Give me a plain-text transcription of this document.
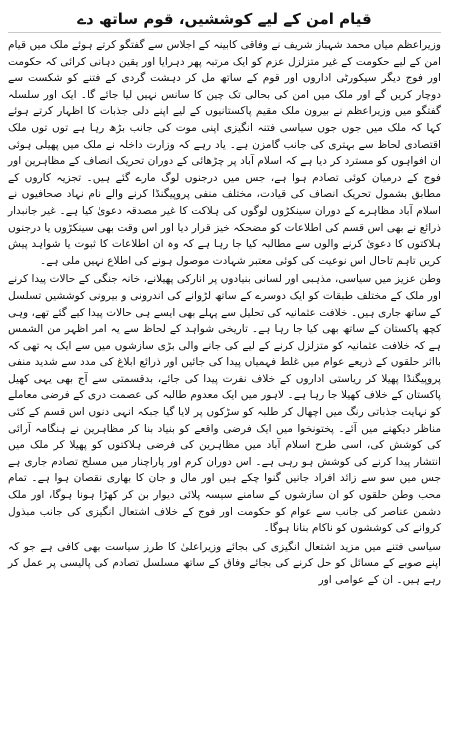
قیام امن کے لیے کوششیں، قوم ساتھ دے

وزیراعظم میاں محمد شہباز شریف نے وفاقی کابینہ کے اجلاس سے گفتگو کرتے ہوئے ملک میں قیام امن کے لیے حکومت کے غیر متزلزل عزم کو ایک مرتبہ پھر دہرایا اور یقین دہانی کرائی کہ حکومت اور فوج دیگر سیکورٹی اداروں اور قوم کے ساتھ مل کر دہشت گردی کے فتنے کو شکست سے دوچار کریں گے اور ملک میں امن کی بحالی تک چین کا سانس نہیں لیا جائے گا۔ ایک اور سلسلہ گفتگو میں وزیراعظم نے بیرون ملک مقیم پاکستانیوں کے لیے اپنے دلی جذبات کا اظہار کرتے ہوئے کہا کہ ملک میں جوں جوں سیاسی فتنہ انگیزی اپنی موت کی جانب بڑھ رہا ہے توں توں ملک اقتصادی لحاظ سے بہتری کی جانب گامزن ہے۔ یاد رہے کہ وزارت داخلہ نے ملک میں پھیلی ہوئی ان افواہوں کو مسترد کر دیا ہے کہ اسلام آباد پر چڑھائی کے دوران تحریک انصاف کے مظاہرین اور فوج کے درمیان کوئی تصادم ہوا ہے، جس میں درجنوں لوگ مارے گئے ہیں۔ تجزیہ کاروں کے مطابق بشمول تحریک انصاف کی قیادت، مختلف منفی پروپیگنڈا کرنے والے نام نہاد صحافیوں نے اسلام آباد مظاہرے کے دوران سینکڑوں لوگوں کی ہلاکت کا غیر مصدقہ دعویٰ کیا ہے۔ غیر جانبدار ذرائع نے بھی اس قسم کی اطلاعات کو مضحکہ خیز قرار دیا اور اس وقت بھی سینکڑوں یا درجنوں ہلاکتوں کا دعویٰ کرنے والوں سے مطالبہ کیا جا رہا ہے کہ وہ ان اطلاعات کا ثبوت یا شواہد پیش کریں تاہم تاحال اس نوعیت کی کوئی معتبر شہادت موصول ہونے کی اطلاع نہیں ملی ہے۔

وطن عزیز میں سیاسی، مذہبی اور لسانی بنیادوں پر انارکی پھیلانے، خانہ جنگی کے حالات پیدا کرنے اور ملک کے مختلف طبقات کو ایک دوسرے کے ساتھ لڑوانے کی اندرونی و بیرونی کوششیں تسلسل کے ساتھ جاری ہیں۔ خلافت عثمانیہ کی تحلیل سے پہلے بھی ایسے ہی حالات پیدا کیے گئے تھے، وہی کچھ پاکستان کے ساتھ بھی کیا جا رہا ہے۔ تاریخی شواہد کے لحاظ سے یہ امر اظہر من الشمس ہے کہ خلافت عثمانیہ کو متزلزل کرنے کے لیے کی جانے والی بڑی سازشوں میں سے ایک یہ تھی کہ بااثر حلقوں کے ذریعے عوام میں غلط فہمیاں پیدا کی جائیں اور ذرائع ابلاغ کی مدد سے شدید منفی پروپیگنڈا پھیلا کر ریاستی اداروں کے خلاف نفرت پیدا کی جائے، بدقسمتی سے آج بھی یہی کھیل پاکستان کے خلاف کھیلا جا رہا ہے۔ لاہور میں ایک معدوم طالبہ کی عصمت دری کے فرضی معاملے کو نہایت جذباتی رنگ میں اچھال کر طلبہ کو سڑکوں پر لایا گیا جبکہ انہی دنوں اس قسم کے کئی مناظر دیکھنے میں آئے۔ پختونخوا میں ایک فرضی واقعے کو بنیاد بنا کر مظاہرین نے ہنگامہ آرائی کی کوشش کی، اسی طرح اسلام آباد میں مظاہرین کی فرضی ہلاکتوں کو پھیلا کر ملک میں انتشار پیدا کرنے کی کوشش ہو رہی ہے۔ اس دوران کرم اور پاراچنار میں مسلح تصادم جاری ہے جس میں سو سے زائد افراد جانیں گنوا چکے ہیں اور مال و جان کا بھاری نقصان ہوا ہے۔ تمام محب وطن حلقوں کو ان سازشوں کے سامنے سیسہ پلائی دیوار بن کر کھڑا ہونا ہوگا، اور ملک دشمن عناصر کی جانب سے عوام کو حکومت اور فوج کے خلاف اشتعال انگیزی کی جانب مبذول کروانے کی کوششوں کو ناکام بنانا ہوگا۔

سیاسی فتنے میں مزید اشتعال انگیزی کی بجائے وزیراعلیٰ کا طرز سیاست بھی کافی ہے جو کہ اپنے صوبے کے مسائل کو حل کرنے کی بجائے وفاق کے ساتھ مسلسل تصادم کی پالیسی پر عمل کر رہے ہیں۔ ان کے عوامی اور
